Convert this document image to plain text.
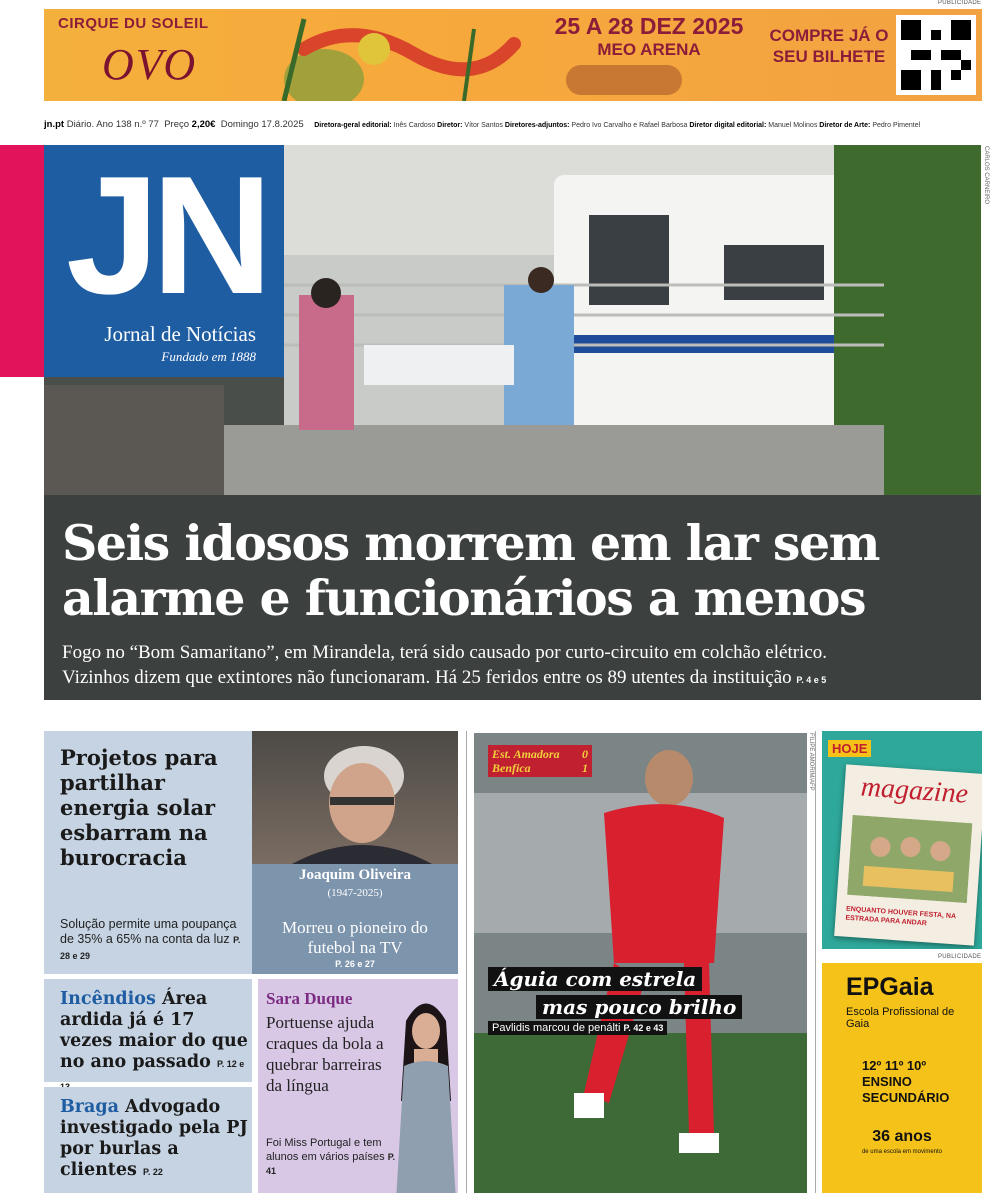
PUBLICIDADE
CIRQUE DU SOLEIL
OVO
25 A 28 DEZ 2025
MEO ARENA
COMPRE JÁ O SEU BILHETE
jn.pt Diário. Ano 138 n.º 77 Preço 2,20€ Domingo 17.8.2025 Diretora-geral editorial: Inês Cardoso Diretor: Vítor Santos Diretores-adjuntos: Pedro Ivo Carvalho e Rafael Barbosa Diretor digital editorial: Manuel Molinos Diretor de Arte: Pedro Pimentel
JN
Jornal de Notícias
Fundado em 1888
CARLOS CARNEIRO
Seis idosos morrem em lar sem alarme e funcionários a menos
Fogo no “Bom Samaritano”, em Mirandela, terá sido causado por curto-circuito em colchão elétrico.
Vizinhos dizem que extintores não funcionaram. Há 25 feridos entre os 89 utentes da instituição P. 4 e 5
Projetos para partilhar energia solar esbarram na burocracia
Solução permite uma poupança de 35% a 65% na conta da luz P. 28 e 29
Joaquim Oliveira
(1947-2025)
Morreu o pioneiro do futebol na TV
P. 26 e 27
Incêndios Área ardida já é 17 vezes maior do que no ano passado P. 12 e
Braga Advogado investigado pela PJ por burlas a clientes P. 22
Sara Duque
Portuense ajuda craques da bola a quebrar barreiras da língua
Foi Miss Portugal e tem alunos em vários países P. 41
Est. Amadora 0
Benfica	1
Águia com estrela
mas pouco brilho
Pavlidis marcou de penálti P. 42 e 43
FILIPE AMORIM/AFP	HOJE
magazine
ENQUANTO HOUVER FESTA, NA ESTRADA PARA ANDAR
PUBLICIDADE
EPGaia
Escola Profissional de Gaia
12º 11º 10º ENSINO SECUNDÁRIO
36 anos
de uma escola em movimento
